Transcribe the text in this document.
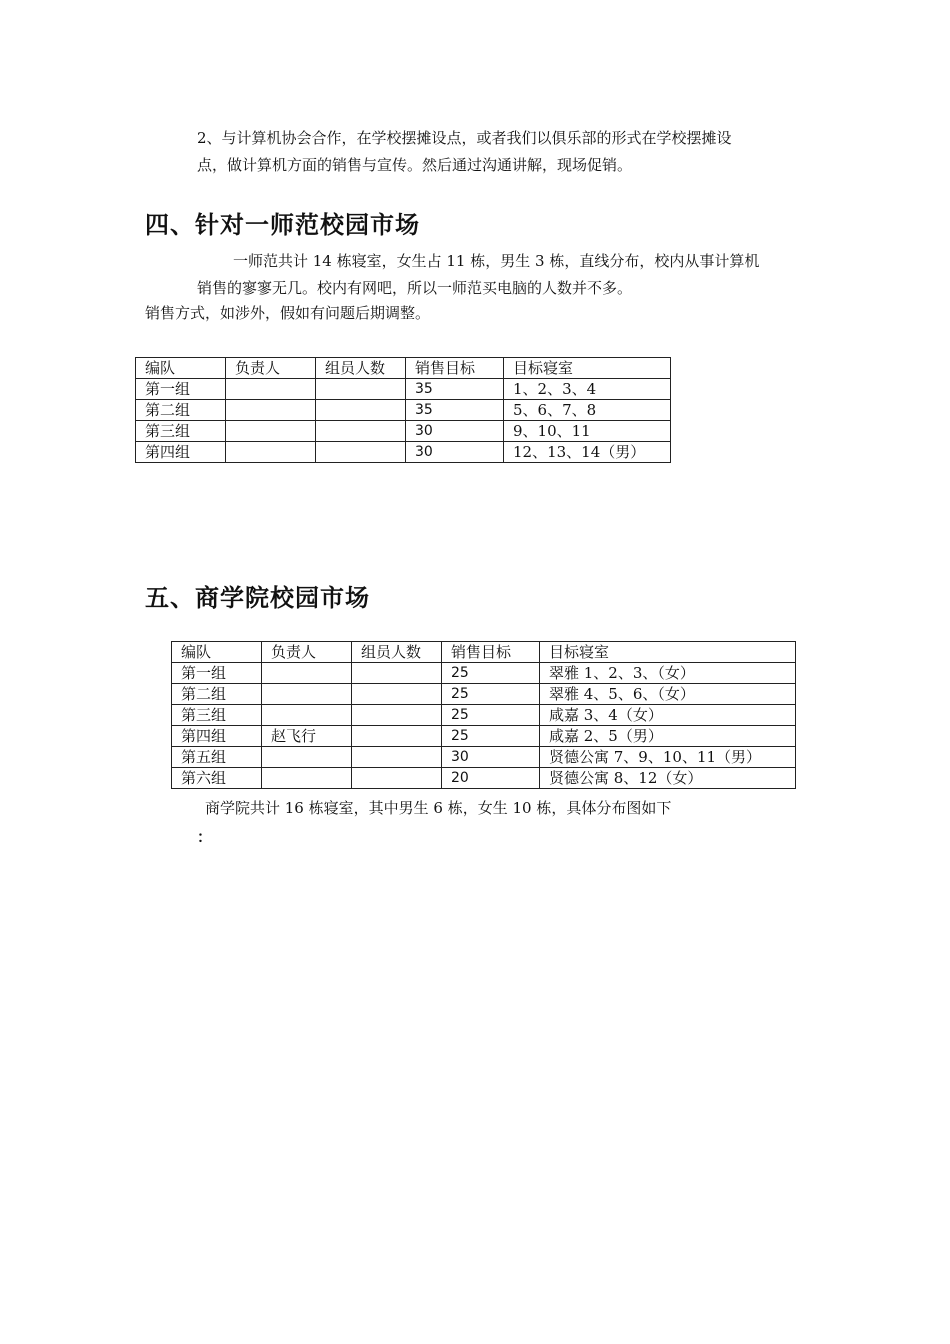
2、与计算机协会合作，在学校摆摊设点，或者我们以俱乐部的形式在学校摆摊设
点，做计算机方面的销售与宣传。然后通过沟通讲解，现场促销。

四、针对一师范校园市场

一师范共计 14 栋寝室，女生占 11 栋，男生 3 栋，直线分布，校内从事计算机

销售的寥寥无几。校内有网吧，所以一师范买电脑的人数并不多。

销售方式，如涉外，假如有问题后期调整。

编队	负责人	组员人数	销售目标	目标寝室
第一组			35	1、2、3、4
第二组			35	5、6、7、8
第三组			30	9、10、11
第四组			30	12、13、14（男）
五、商学院校园市场
编队	负责人	组员人数	销售目标	目标寝室
第一组			25	翠雅 1、2、3、（女）
第二组			25	翠雅 4、5、6、（女）
第三组			25	咸嘉 3、4（女）
第四组	赵飞行		25	咸嘉 2、5（男）
第五组			30	贤德公寓 7、9、10、11（男）
第六组			20	贤德公寓 8、12（女）

商学院共计 16 栋寝室，其中男生 6 栋，女生 10 栋，具体分布图如下

：
